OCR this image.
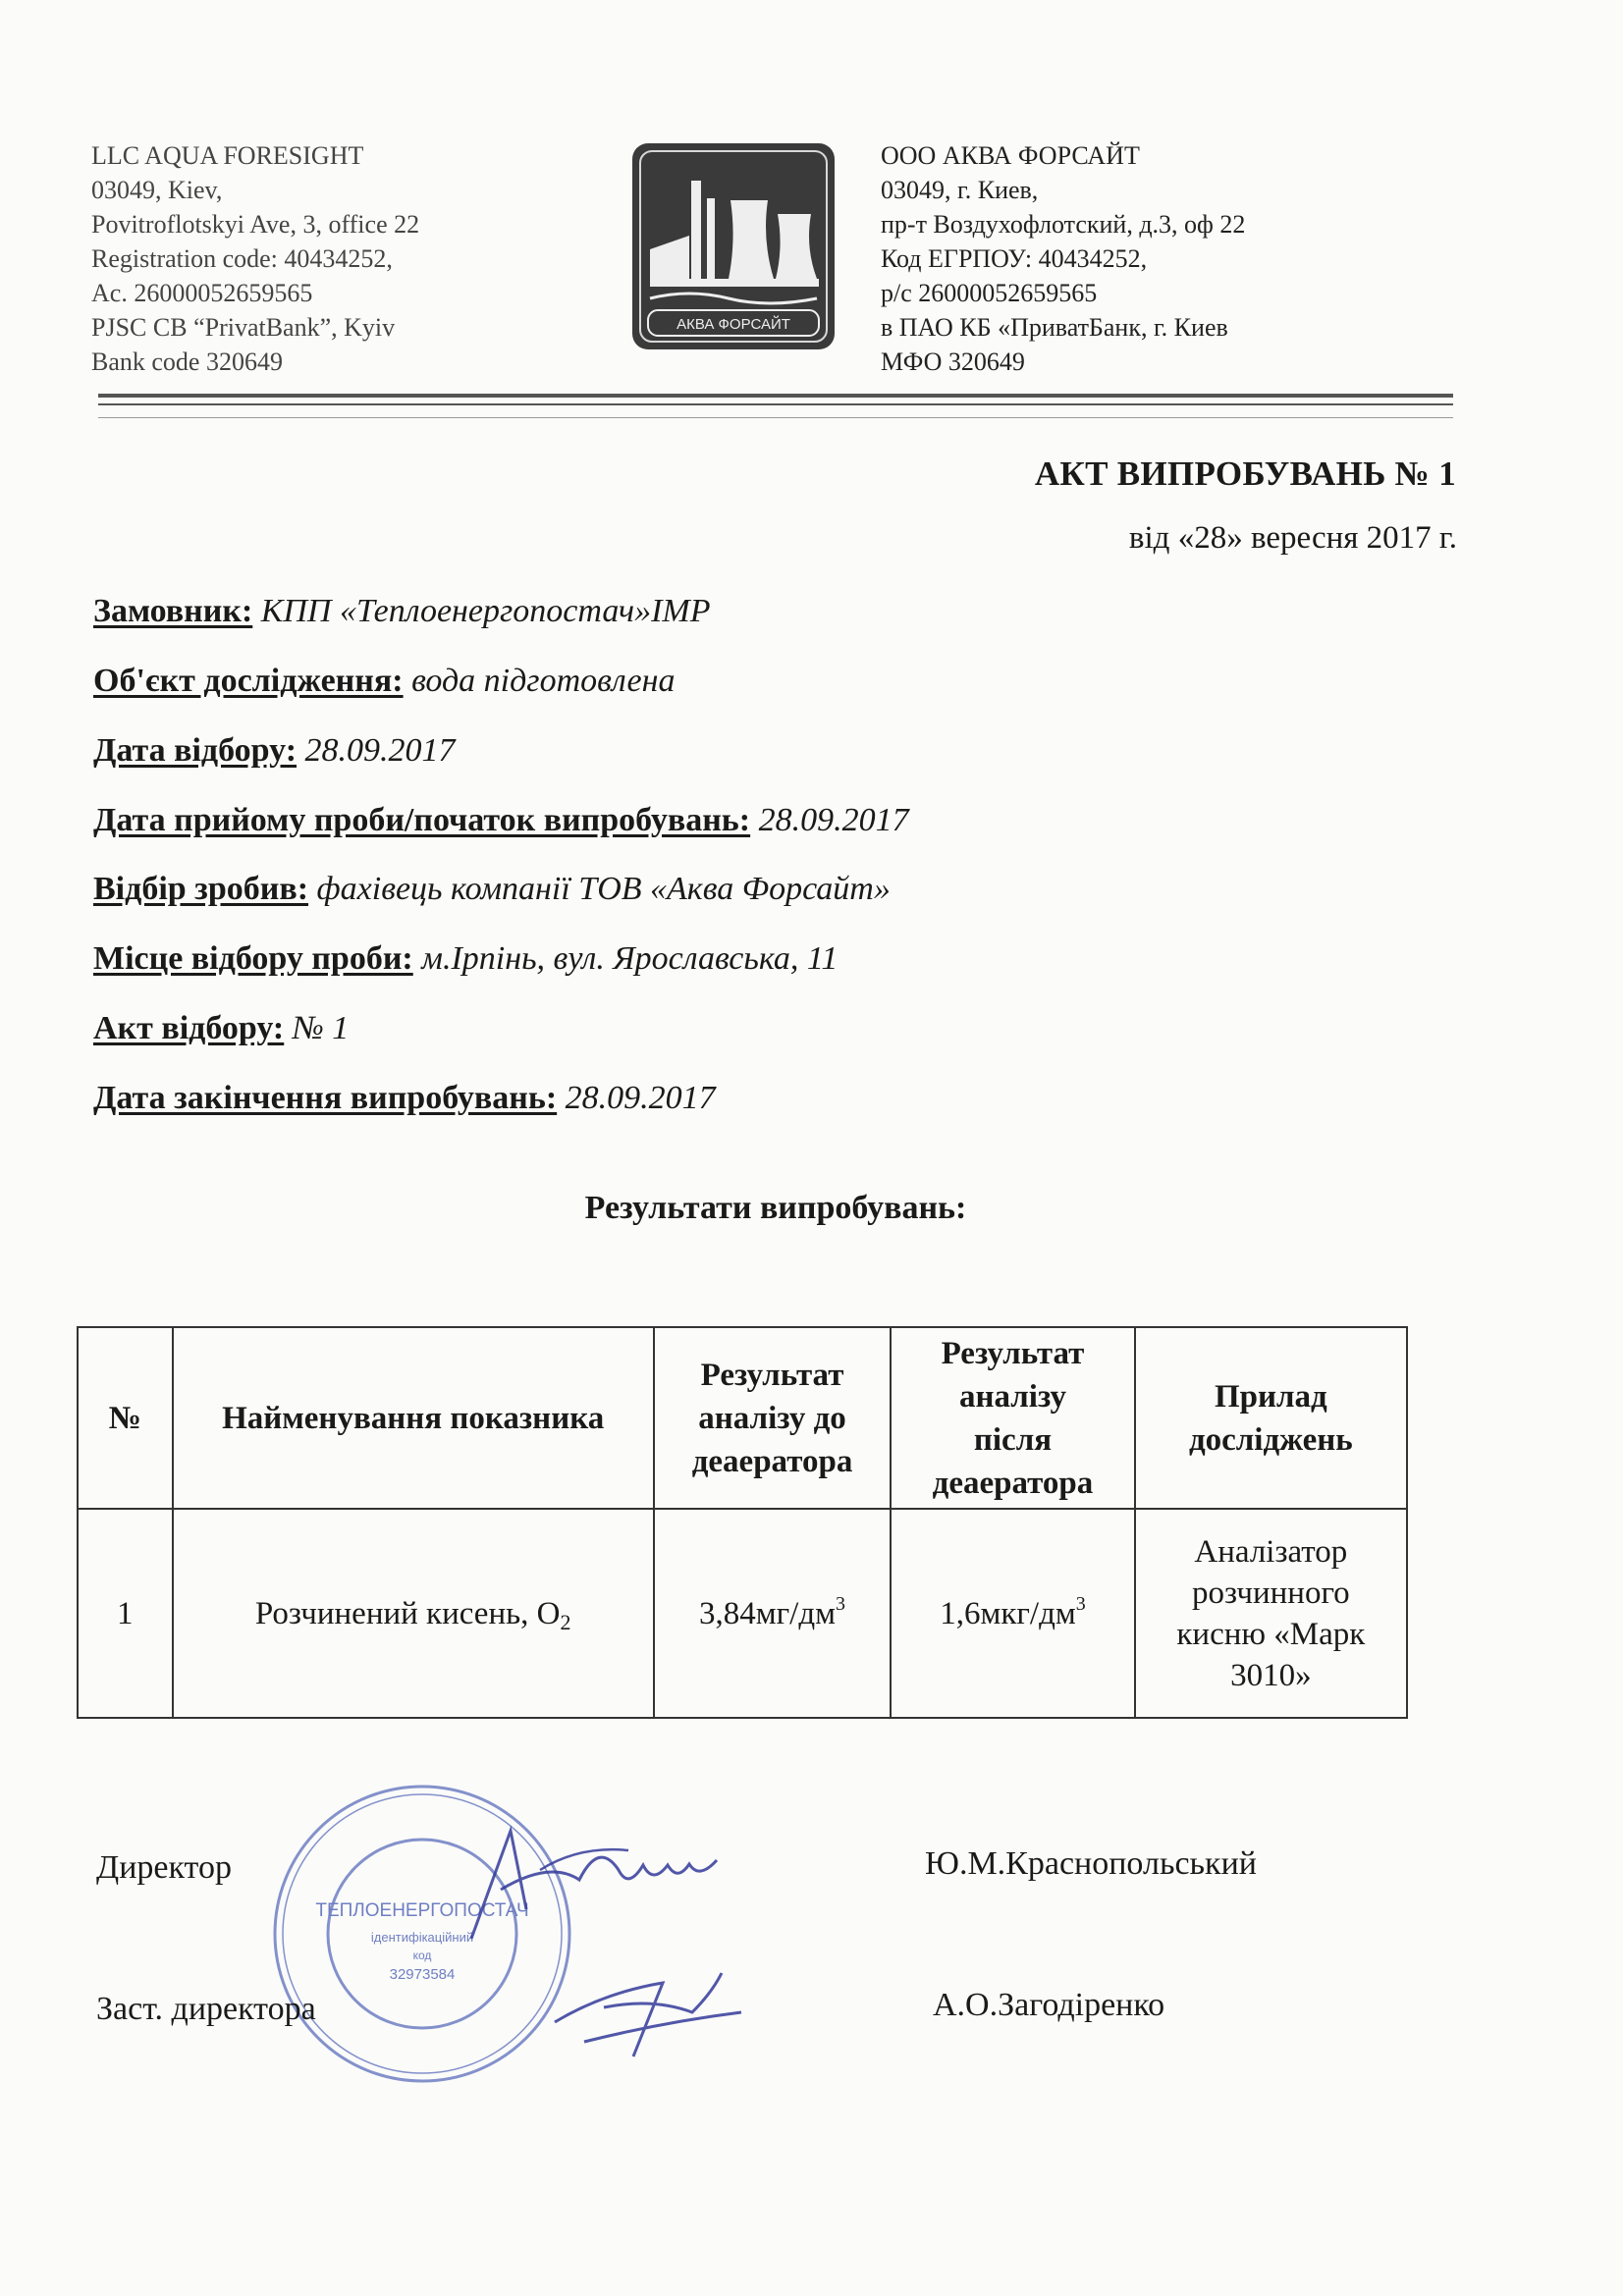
LLC AQUA FORESIGHT
03049, Kiev,
Povitroflotskyi Ave, 3, office 22
Registration code: 40434252,
Ac. 26000052659565
PJSC CB “PrivatBank”, Kyiv
Bank code 320649
АКВА ФОРСАЙТ
ООО АКВА ФОРСАЙТ
03049, г. Киев,
пр-т Воздухофлотский, д.3, оф 22
Код ЕГРПОУ: 40434252,
р/с 26000052659565
в ПАО КБ «ПриватБанк, г. Киев
МФО 320649
АКТ ВИПРОБУВАНЬ № 1
від «28» вересня 2017 г.
Замовник: КПП «Теплоенергопостач»ІМР
Об'єкт дослідження: вода підготовлена
Дата відбору: 28.09.2017
Дата прийому проби/початок випробувань: 28.09.2017
Відбір зробив: фахівець компанії ТОВ «Аква Форсайт»
Місце відбору проби: м.Ірпінь, вул. Ярославська, 11
Акт відбору: № 1
Дата закінчення випробувань: 28.09.2017
Результати випробувань:
№	Найменування показника	Результат
аналізу до
деаератора	Результат
аналізу
після
деаератора	Прилад
досліджень
1	Розчинений кисень, $O_2$	$3,84мг/дм^3$	$1,6мкг/дм^3$	Аналізатор
розчинного
кисню «Марк
3010»
ТЕПЛОЕНЕРГОПОСТАЧ
ідентифікаційний
код
32973584
Директор
Заст. директора
Ю.М.Краснопольський
А.О.Загодіренко
